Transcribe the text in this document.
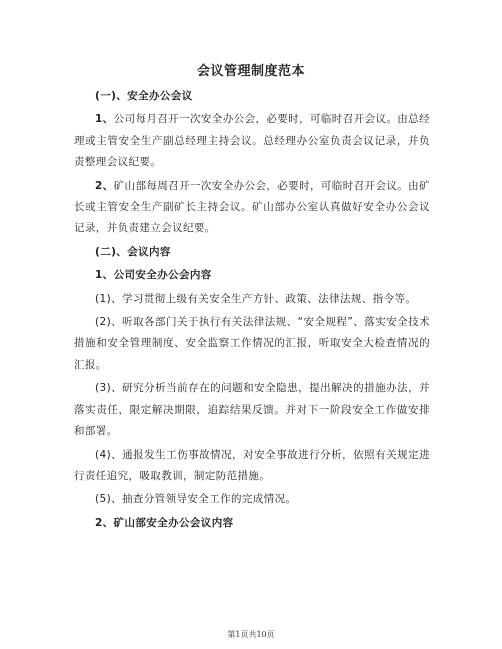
会议管理制度范本

(一)、安全办公会议

1、公司每月召开一次安全办公会，必要时，可临时召开会议。由总经理或主管安全生产副总经理主持会议。总经理办公室负责会议记录，并负责整理会议纪要。

2、矿山部每周召开一次安全办公会，必要时，可临时召开会议。由矿长或主管安全生产副矿长主持会议。矿山部办公室认真做好安全办公会议记录，并负责建立会议纪要。

(二)、会议内容

1、公司安全办公会内容

(1)、学习贯彻上级有关安全生产方针、政策、法律法规、指令等。

(2)、听取各部门关于执行有关法律法规、“安全规程”、落实安全技术措施和安全管理制度、安全监察工作情况的汇报，听取安全大检查情况的汇报。

(3)、研究分析当前存在的问题和安全隐患，提出解决的措施办法，并落实责任，限定解决期限，追踪结果反馈。并对下一阶段安全工作做安排和部署。

(4)、通报发生工伤事故情况，对安全事故进行分析，依照有关规定进行责任追究，吸取教训，制定防范措施。

(5)、抽查分管领导安全工作的完成情况。

2、矿山部安全办公会议内容

第1页共10页
